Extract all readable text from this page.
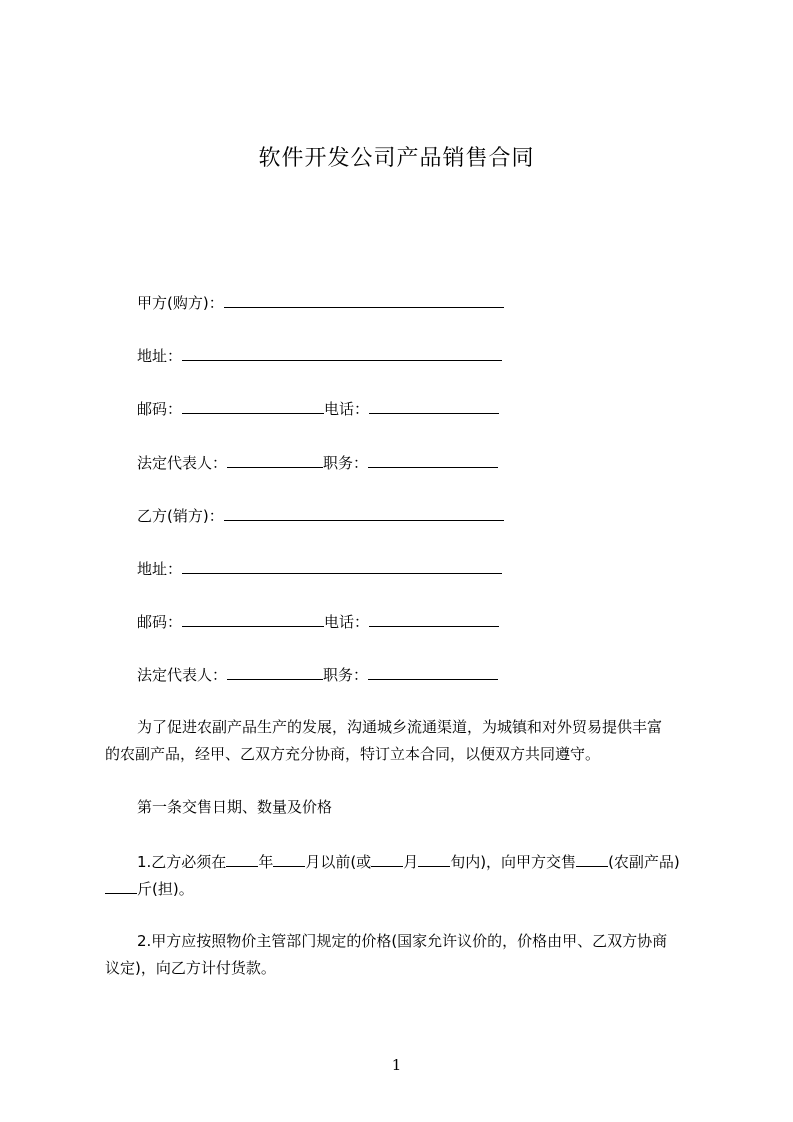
软件开发公司产品销售合同
甲方(购方)：
地址：
邮码：	电话：
法定代表人：	职务：
乙方(销方)：
地址：
邮码：	电话：
法定代表人：	职务：
为了促进农副产品生产的发展，沟通城乡流通渠道，为城镇和对外贸易提供丰富
的农副产品，经甲、乙双方充分协商，特订立本合同，以便双方共同遵守。
第一条交售日期、数量及价格
1.乙方必须在 年 月以前(或 月 旬内)，向甲方交售 (农副产品)
斤(担)。
2.甲方应按照物价主管部门规定的价格(国家允许议价的，价格由甲、乙双方协商
议定)，向乙方计付货款。
1
